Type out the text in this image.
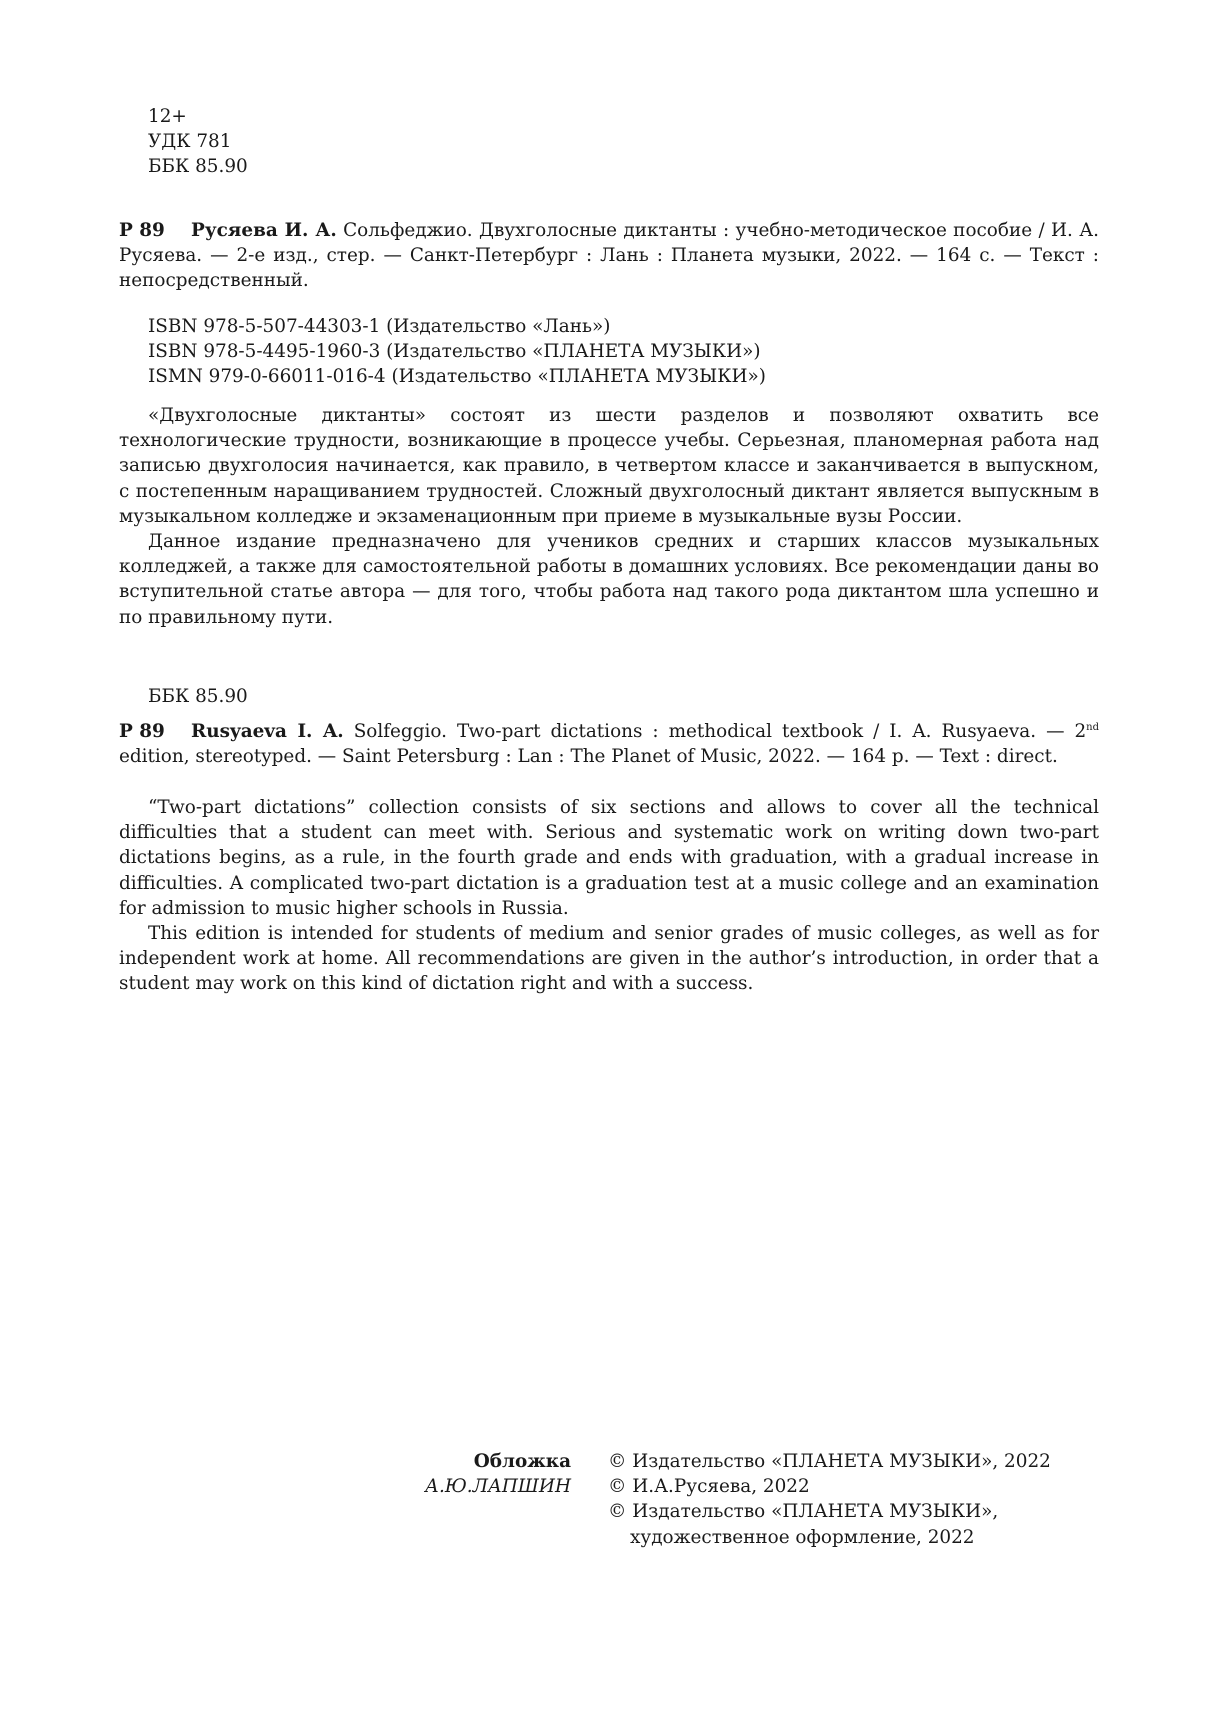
12+
УДК 781
ББК 85.90

Р 89 Русяева И. А. Сольфеджио. Двухголосные диктанты : учебно-методическое пособие / И. А. Русяева. — 2-е изд., стер. — Санкт-Петербург : Лань : Планета музыки, 2022. — 164 с. — Текст : непосредственный.

ISBN 978-5-507-44303-1 (Издательство «Лань»)
ISBN 978-5-4495-1960-3 (Издательство «ПЛАНЕТА МУЗЫКИ»)
ISMN 979-0-66011-016-4 (Издательство «ПЛАНЕТА МУЗЫКИ»)

«Двухголосные диктанты» состоят из шести разделов и позволяют охватить все технологические трудности, возникающие в процессе учебы. Серьезная, планомерная работа над записью двухголосия начинается, как правило, в четвертом классе и заканчивается в выпускном, с постепенным наращиванием трудностей. Сложный двухголосный диктант является выпускным в музыкальном колледже и экзаменационным при приеме в музыкальные вузы России.

Данное издание предназначено для учеников средних и старших классов музыкальных колледжей, а также для самостоятельной работы в домашних условиях. Все рекомендации даны во вступительной статье автора — для того, чтобы работа над такого рода диктантом шла успешно и по правильному пути.

ББК 85.90

Р 89 Rusyaeva I. A. Solfeggio. Two-part dictations : methodical textbook / I. A. Rusyaeva. — 2nd edition, stereotyped. — Saint Petersburg : Lan : The Planet of Music, 2022. — 164 p. — Text : direct.

“Two-part dictations” collection consists of six sections and allows to cover all the technical difficulties that a student can meet with. Serious and systematic work on writing down two-part dictations begins, as a rule, in the fourth grade and ends with graduation, with a gradual increase in difficulties. A complicated two-part dictation is a graduation test at a music college and an examination for admission to music higher schools in Russia.

This edition is intended for students of medium and senior grades of music colleges, as well as for independent work at home. All recommendations are given in the author’s introduction, in order that a student may work on this kind of dictation right and with a success.

Обложка
А.Ю.ЛАПШИН
© Издательство «ПЛАНЕТА МУЗЫКИ», 2022
© И.А.Русяева, 2022
© Издательство «ПЛАНЕТА МУЗЫКИ»,
художественное оформление, 2022
